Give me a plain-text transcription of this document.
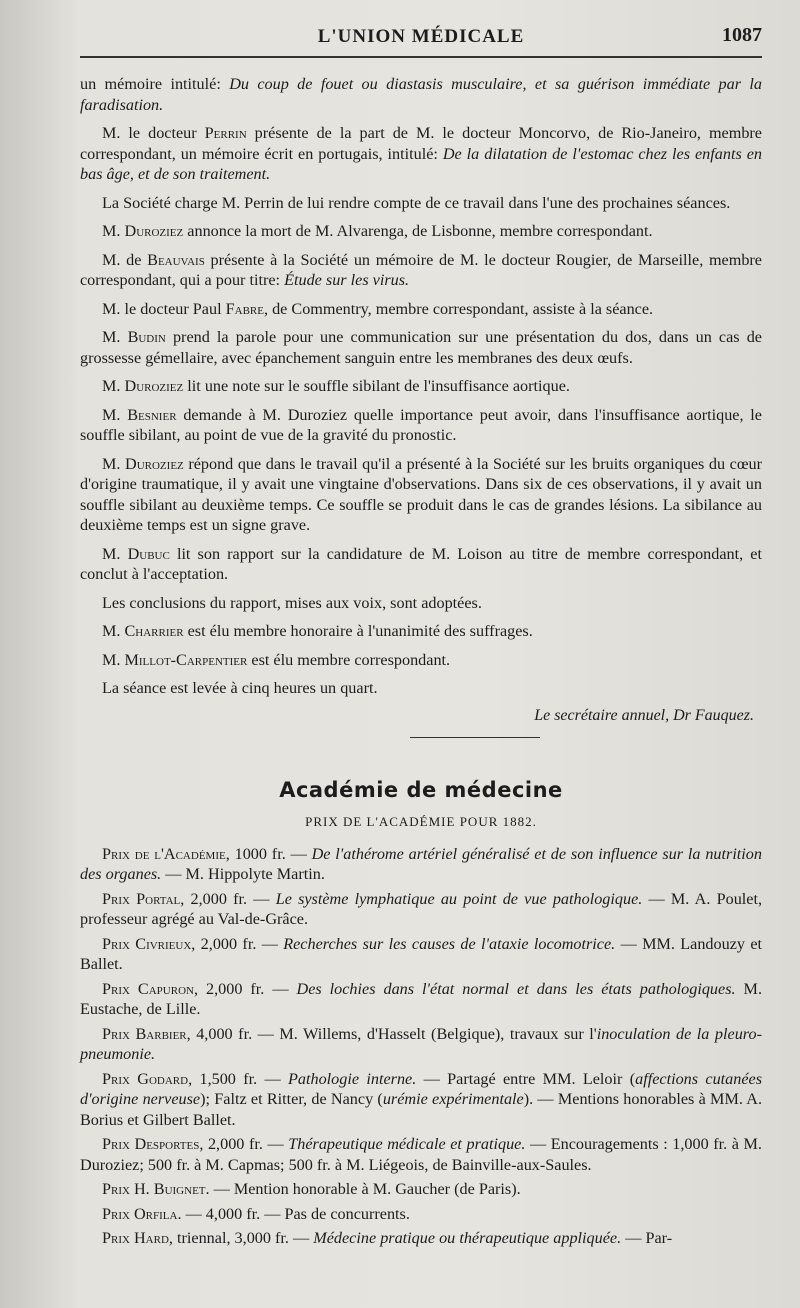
L'UNION MÉDICALE	1087

un mémoire intitulé: Du coup de fouet ou diastasis musculaire, et sa guérison immédiate par la faradisation.

M. le docteur Perrin présente de la part de M. le docteur Moncorvo, de Rio-Janeiro, membre correspondant, un mémoire écrit en portugais, intitulé: De la dilatation de l'estomac chez les enfants en bas âge, et de son traitement.

La Société charge M. Perrin de lui rendre compte de ce travail dans l'une des prochaines séances.

M. Duroziez annonce la mort de M. Alvarenga, de Lisbonne, membre correspondant.

M. de Beauvais présente à la Société un mémoire de M. le docteur Rougier, de Marseille, membre correspondant, qui a pour titre: Étude sur les virus.

M. le docteur Paul Fabre, de Commentry, membre correspondant, assiste à la séance.

M. Budin prend la parole pour une communication sur une présentation du dos, dans un cas de grossesse gémellaire, avec épanchement sanguin entre les membranes des deux œufs.

M. Duroziez lit une note sur le souffle sibilant de l'insuffisance aortique.

M. Besnier demande à M. Duroziez quelle importance peut avoir, dans l'insuffisance aortique, le souffle sibilant, au point de vue de la gravité du pronostic.

M. Duroziez répond que dans le travail qu'il a présenté à la Société sur les bruits organiques du cœur d'origine traumatique, il y avait une vingtaine d'observations. Dans six de ces observations, il y avait un souffle sibilant au deuxième temps. Ce souffle se produit dans le cas de grandes lésions. La sibilance au deuxième temps est un signe grave.

M. Dubuc lit son rapport sur la candidature de M. Loison au titre de membre correspondant, et conclut à l'acceptation.

Les conclusions du rapport, mises aux voix, sont adoptées.

M. Charrier est élu membre honoraire à l'unanimité des suffrages.

M. Millot-Carpentier est élu membre correspondant.

La séance est levée à cinq heures un quart.

Le secrétaire annuel, Dr Fauquez.
Académie de médecine
PRIX DE L'ACADÉMIE POUR 1882.

Prix de l'Académie, 1000 fr. — De l'athérome artériel généralisé et de son influence sur la nutrition des organes. — M. Hippolyte Martin.

Prix Portal, 2,000 fr. — Le système lymphatique au point de vue pathologique. — M. A. Poulet, professeur agrégé au Val-de-Grâce.

Prix Civrieux, 2,000 fr. — Recherches sur les causes de l'ataxie locomotrice. — MM. Landouzy et Ballet.

Prix Capuron, 2,000 fr. — Des lochies dans l'état normal et dans les états pathologiques. M. Eustache, de Lille.

Prix Barbier, 4,000 fr. — M. Willems, d'Hasselt (Belgique), travaux sur l'inoculation de la pleuro-pneumonie.

Prix Godard, 1,500 fr. — Pathologie interne. — Partagé entre MM. Leloir (affections cutanées d'origine nerveuse); Faltz et Ritter, de Nancy (urémie expérimentale). — Mentions honorables à MM. A. Borius et Gilbert Ballet.

Prix Desportes, 2,000 fr. — Thérapeutique médicale et pratique. — Encouragements : 1,000 fr. à M. Duroziez; 500 fr. à M. Capmas; 500 fr. à M. Liégeois, de Bainville-aux-Saules.

Prix H. Buignet. — Mention honorable à M. Gaucher (de Paris).

Prix Orfila. — 4,000 fr. — Pas de concurrents.

Prix Hard, triennal, 3,000 fr. — Médecine pratique ou thérapeutique appliquée. — Par-
